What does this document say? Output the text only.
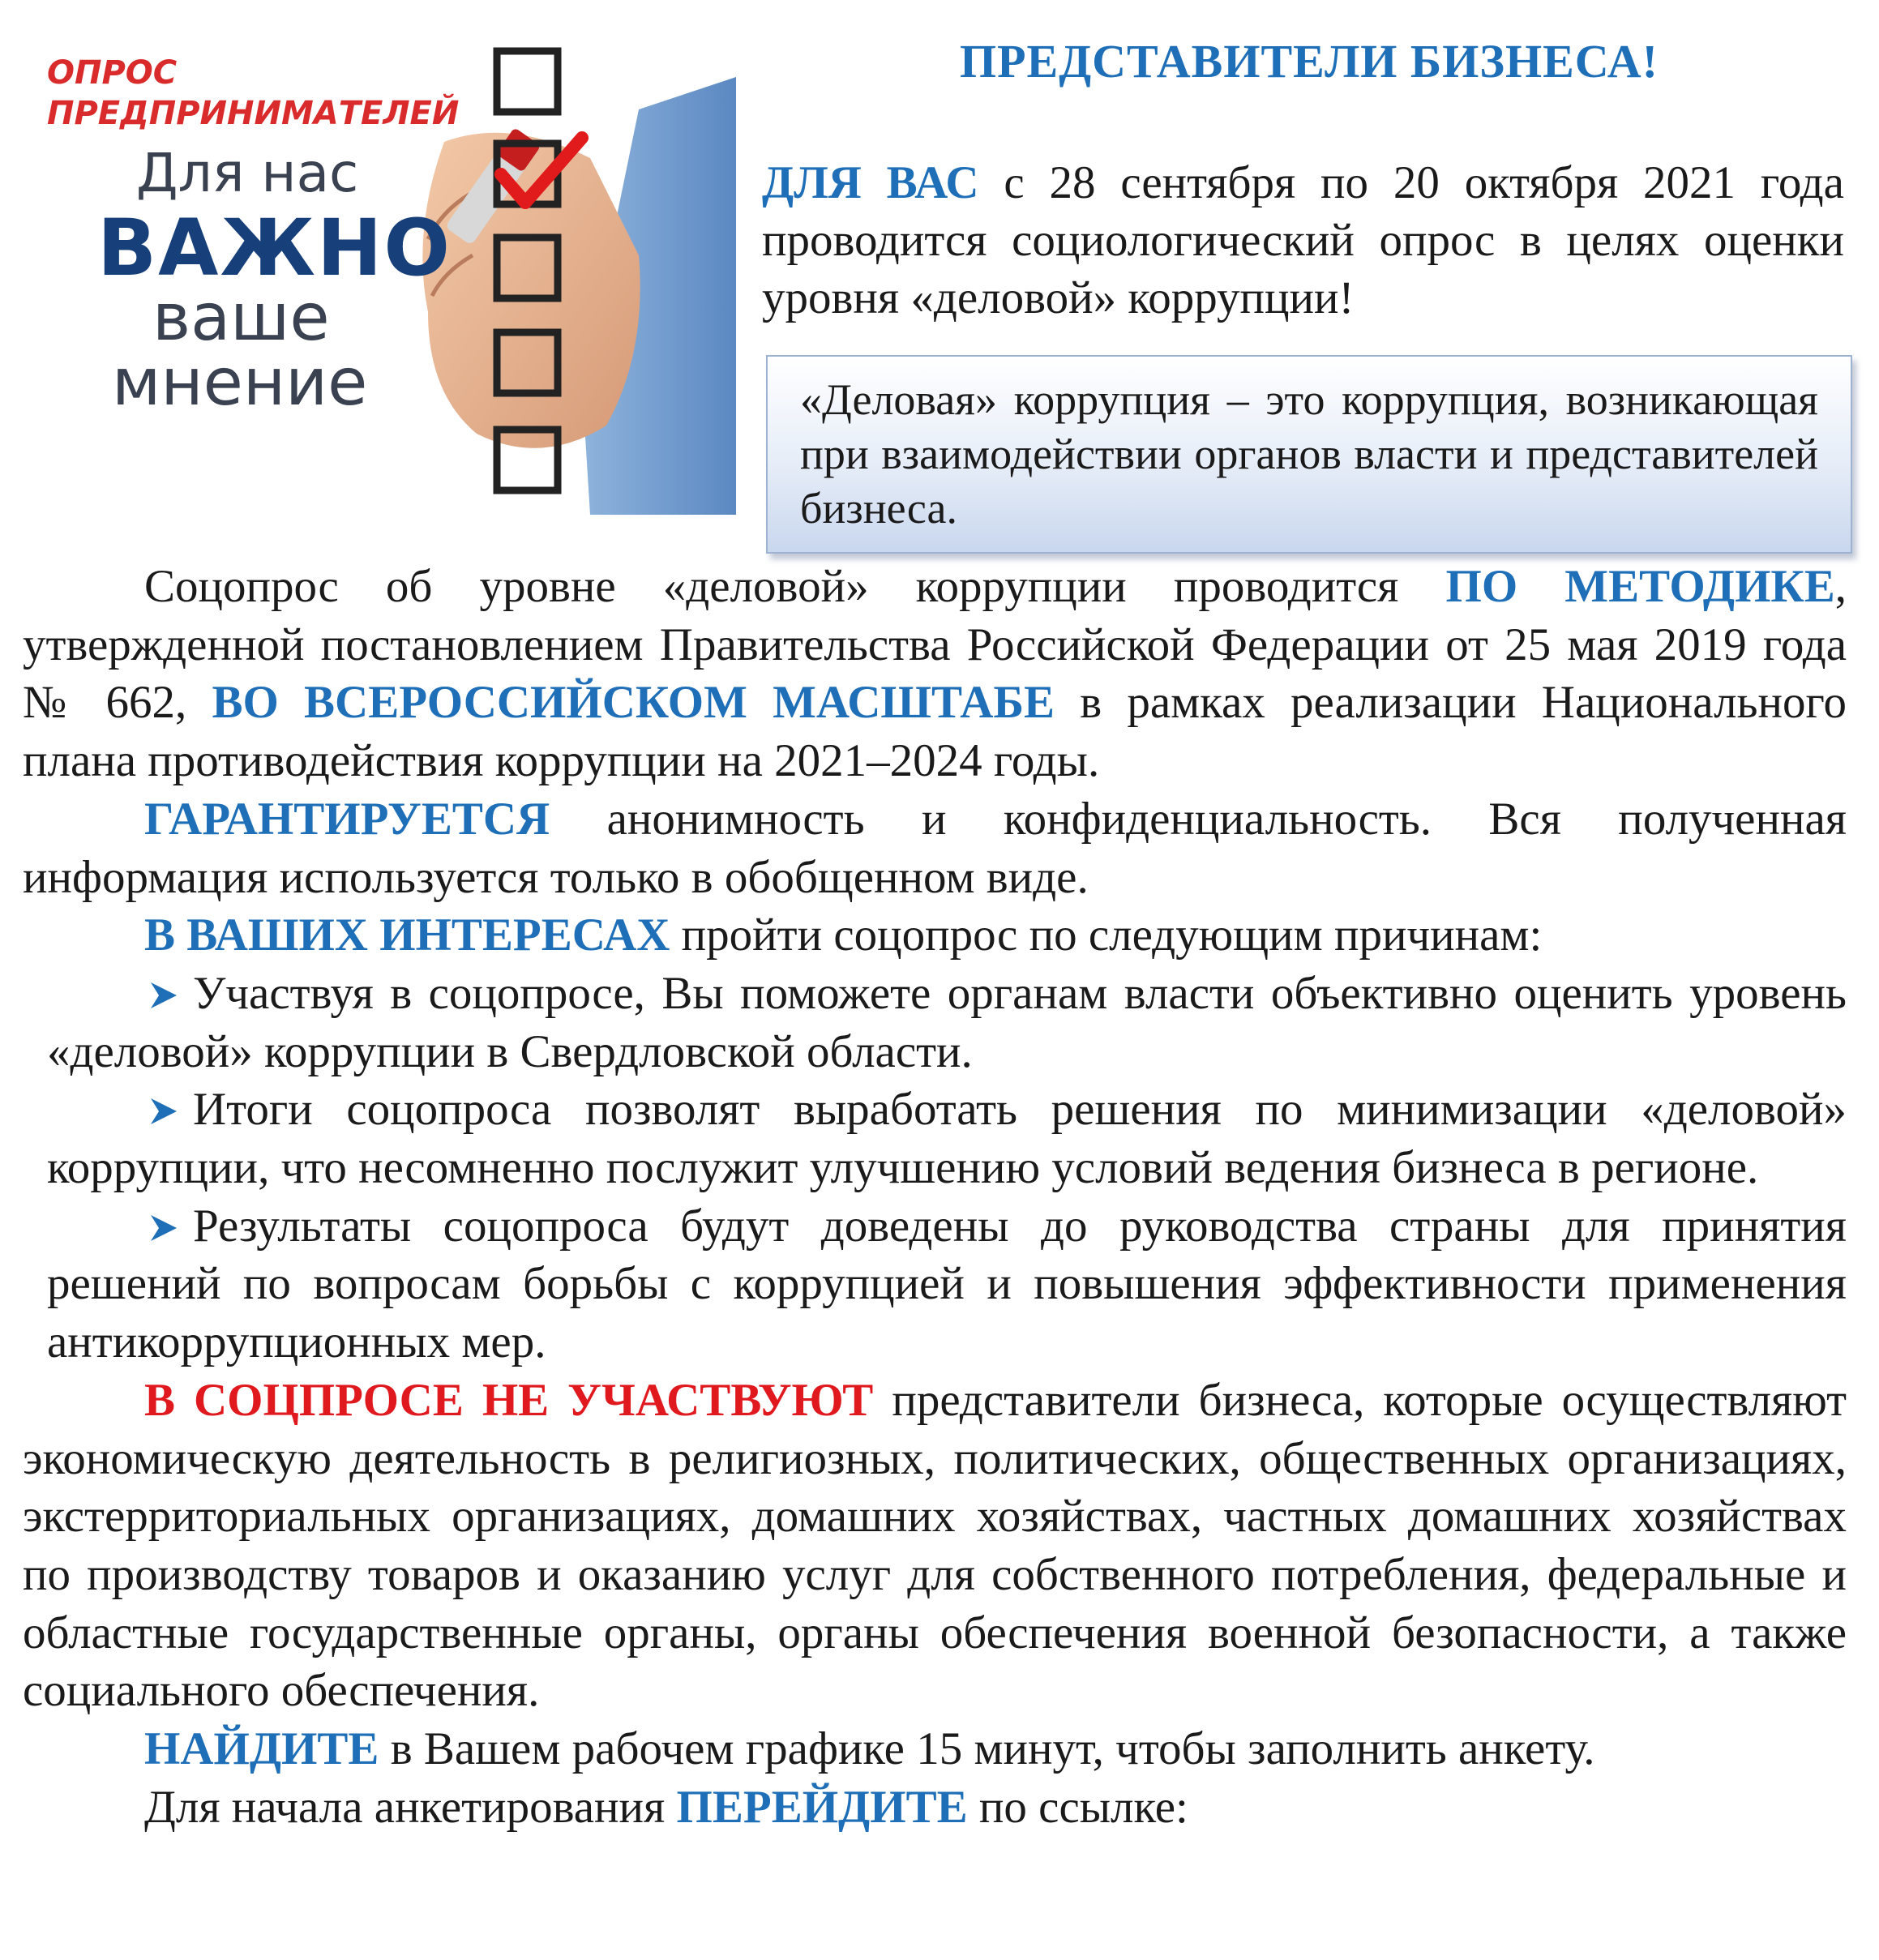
ОПРОС
ПРЕДПРИНИМАТЕЛЕЙ
Для нас
ВАЖНО
ваше
мнение
ПРЕДСТАВИТЕЛИ БИЗНЕСА!
ДЛЯ ВАС с 28 сентября по 20 октября 2021 года проводится социологический опрос в целях оценки уровня «деловой» коррупции!
«Деловая» коррупция – это коррупция, возникающая при взаимодействии органов власти и представителей бизнеса.

Соцопрос об уровне «деловой» коррупции проводится ПО МЕТОДИКЕ, утвержденной постановлением Правительства Российской Федерации от 25 мая 2019 года № 662, ВО ВСЕРОССИЙСКОМ МАСШТАБЕ в рамках реализации Национального плана противодействия коррупции на 2021–2024 годы.

ГАРАНТИРУЕТСЯ анонимность и конфиденциальность. Вся полученная информация используется только в обобщенном виде.

В ВАШИХ ИНТЕРЕСАХ пройти соцопрос по следующим причинам:

Участвуя в соцопросе, Вы поможете органам власти объективно оценить уровень «деловой» коррупции в Свердловской области.

Итоги соцопроса позволят выработать решения по минимизации «деловой» коррупции, что несомненно послужит улучшению условий ведения бизнеса в регионе.

Результаты соцопроса будут доведены до руководства страны для принятия решений по вопросам борьбы с коррупцией и повышения эффективности применения антикоррупционных мер.

В СОЦПРОСЕ НЕ УЧАСТВУЮТ представители бизнеса, которые осуществляют экономическую деятельность в религиозных, политических, общественных организациях, экстерриториальных организациях, домашних хозяйствах, частных домашних хозяйствах по производству товаров и оказанию услуг для собственного потребления, федеральные и областные государственные органы, органы обеспечения военной безопасности, а также социального обеспечения.

НАЙДИТЕ в Вашем рабочем графике 15 минут, чтобы заполнить анкету.

Для начала анкетирования ПЕРЕЙДИТЕ по ссылке:
